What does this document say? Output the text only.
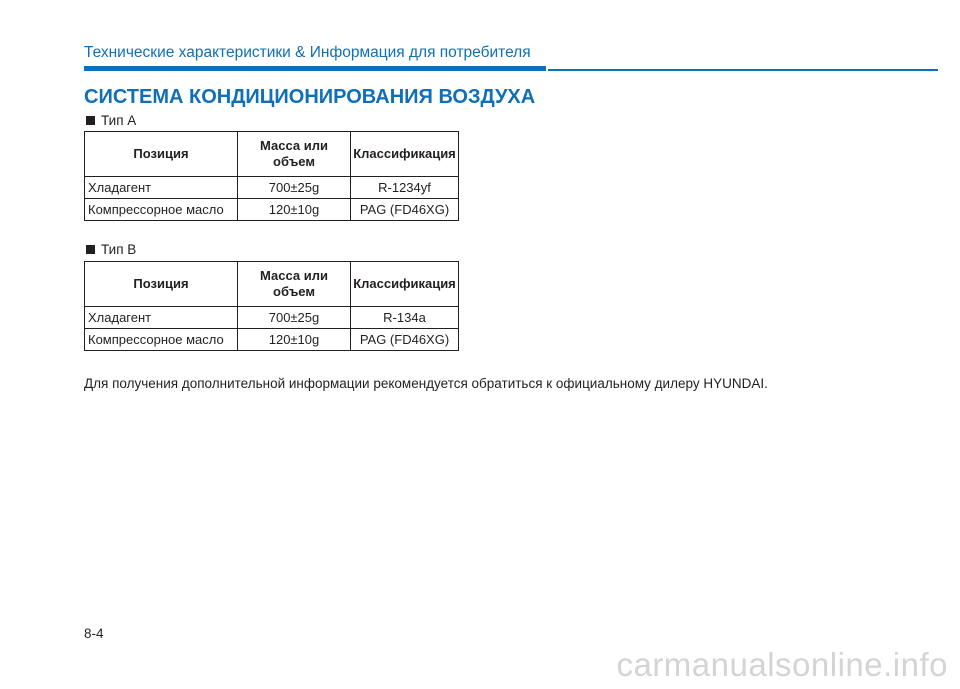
Технические характеристики & Информация для потребителя
СИСТЕМА КОНДИЦИОНИРОВАНИЯ ВОЗДУХА
Тип A
Позиция	Масса или объем	Классификация
Хладагент	700±25g	R-1234yf
Компрессорное масло	120±10g	PAG (FD46XG)
Тип B
Позиция	Масса или объем	Классификация
Хладагент	700±25g	R-134a
Компрессорное масло	120±10g	PAG (FD46XG)
Для получения дополнительной информации рекомендуется обратиться к официальному дилеру HYUNDAI.
8-4
carmanualsonline.info
